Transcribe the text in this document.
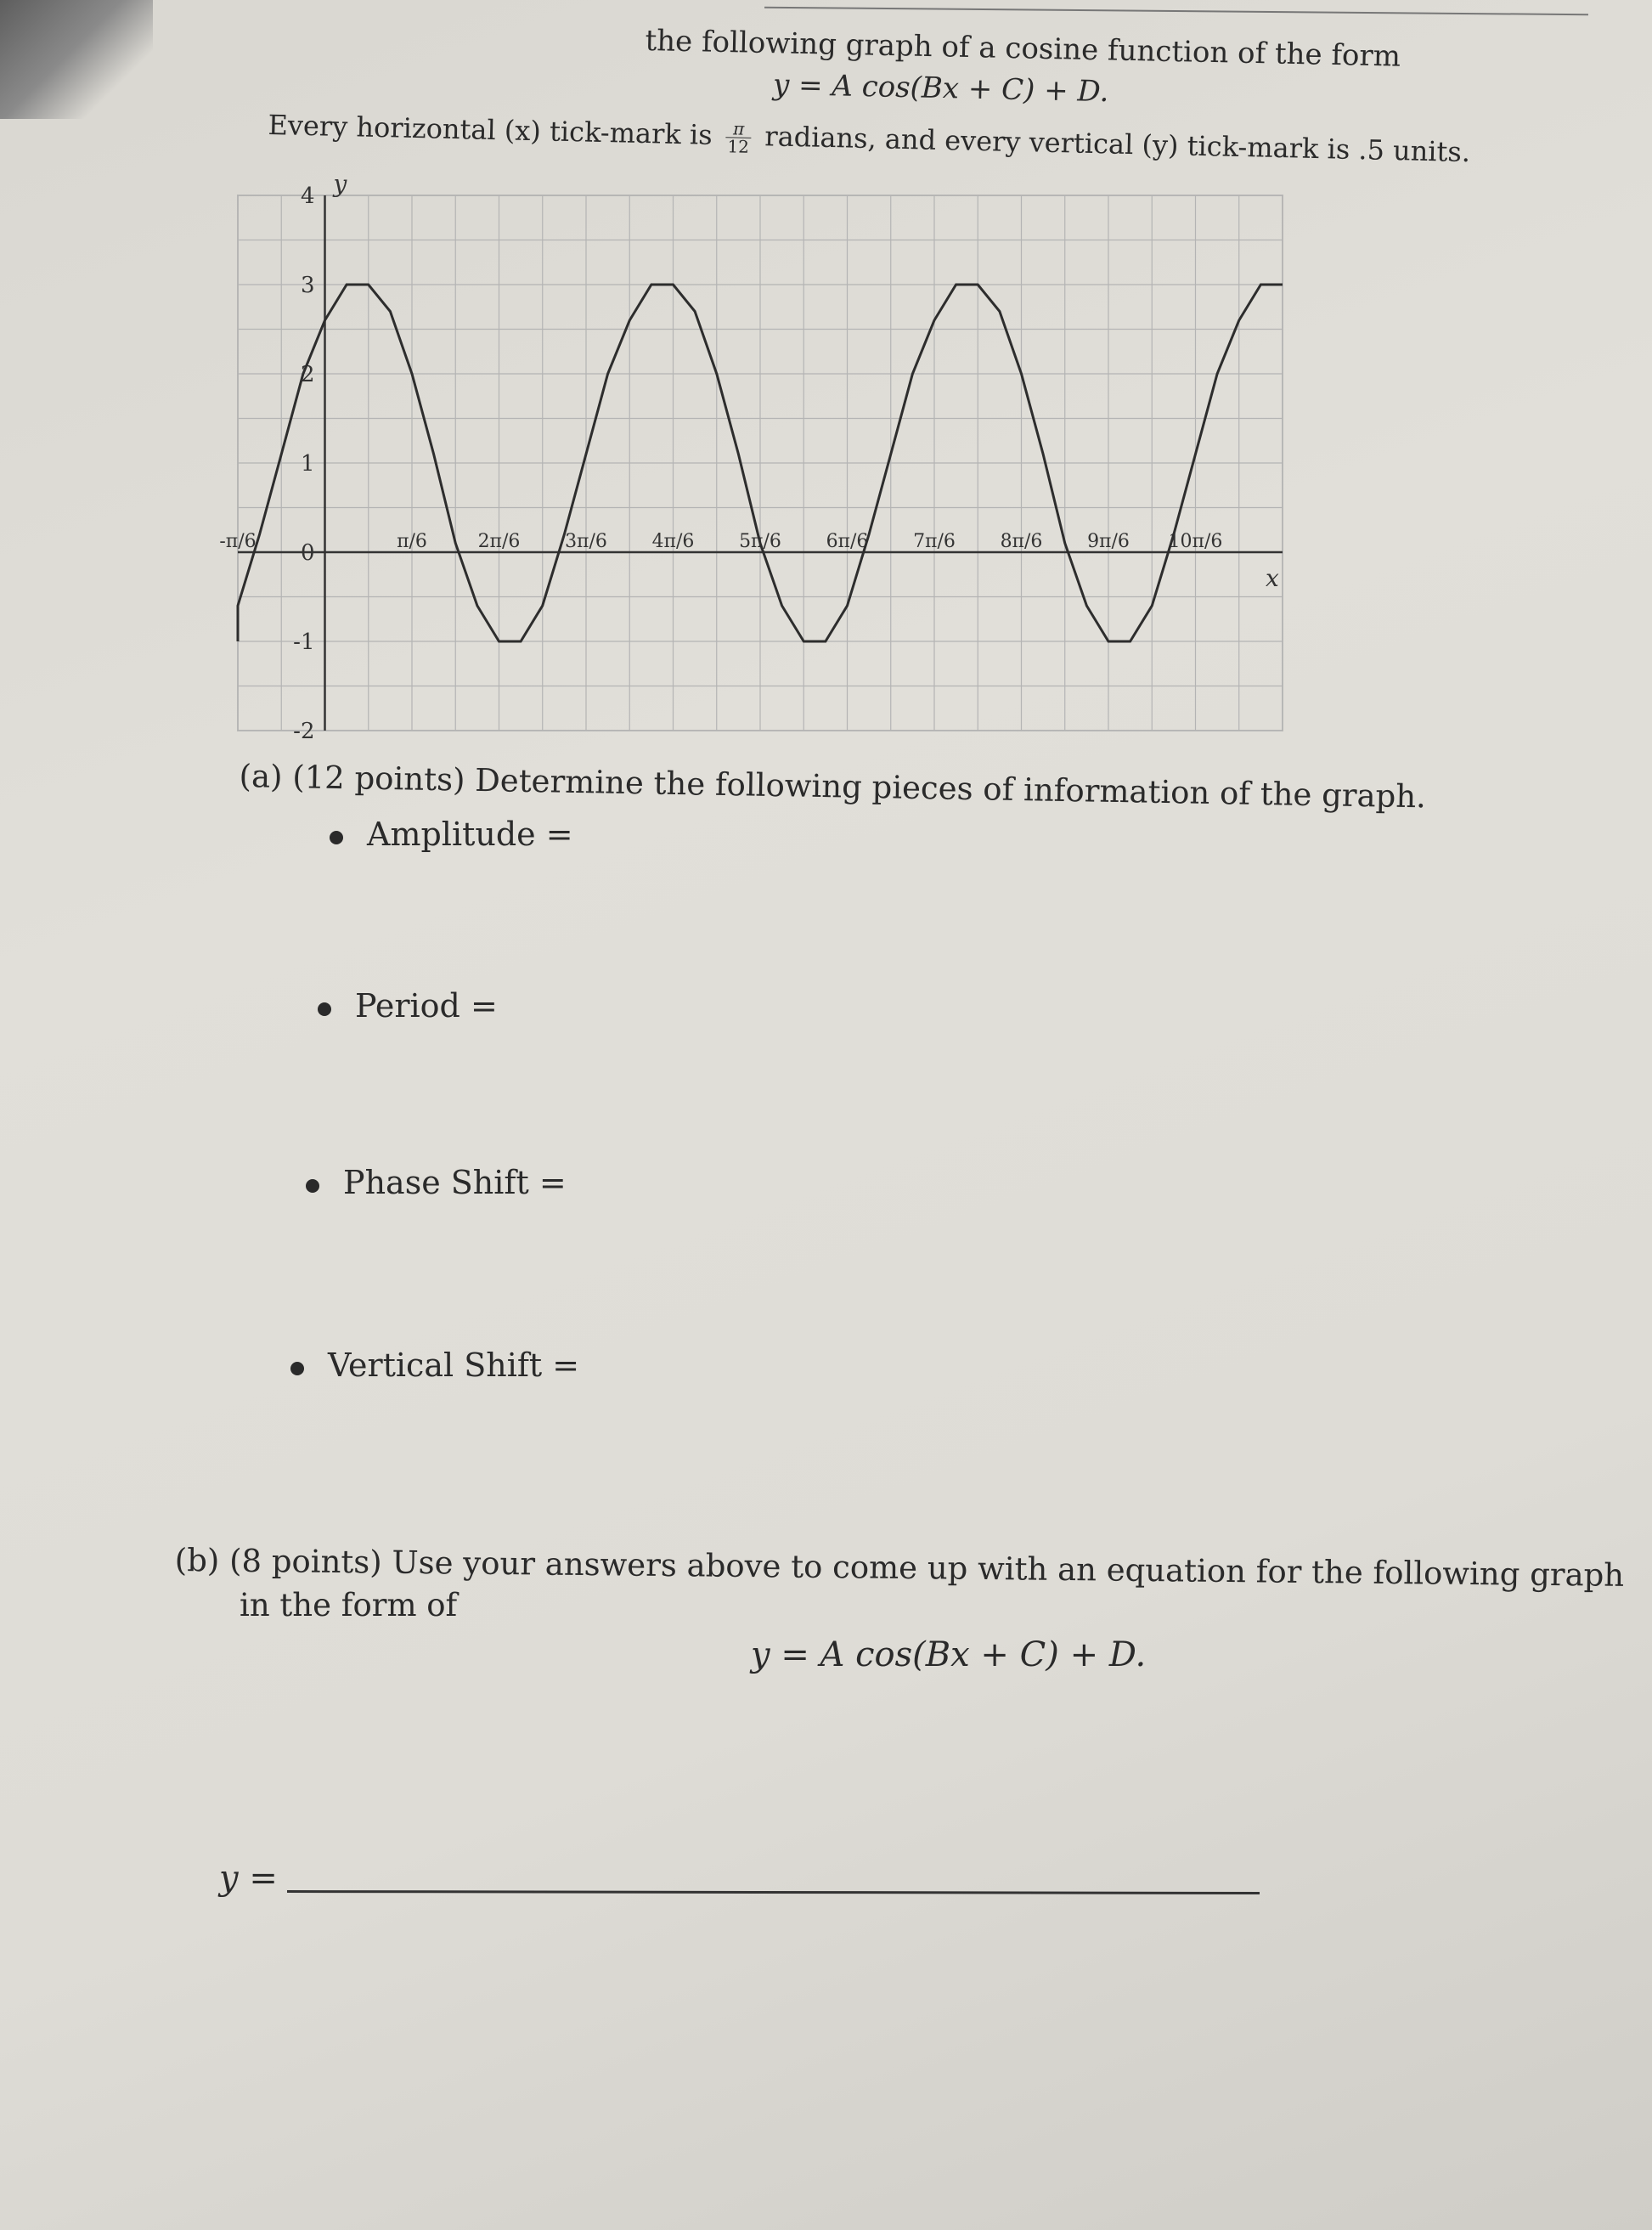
the following graph of a cosine function of the form
y = A cos(Bx + C) + D.
Every horizontal (x) tick-mark is $\frac{\pi}{12}$ radians, and every vertical (y) tick-mark is .5 units.
-π/6	π/6	2π/6 3π/6 4π/6 5π/6 6π/6 7π/6 8π/6 9π/6 10π/6
-2
-1
0
1
2
3
4
x
y
(a) (12 points) Determine the following pieces of information of the graph.
Amplitude =
Period =
Phase Shift =
Vertical Shift =
(b) (8 points) Use your answers above to come up with an equation for the following graph
in the form of
y = A cos(Bx + C) + D.
y =
